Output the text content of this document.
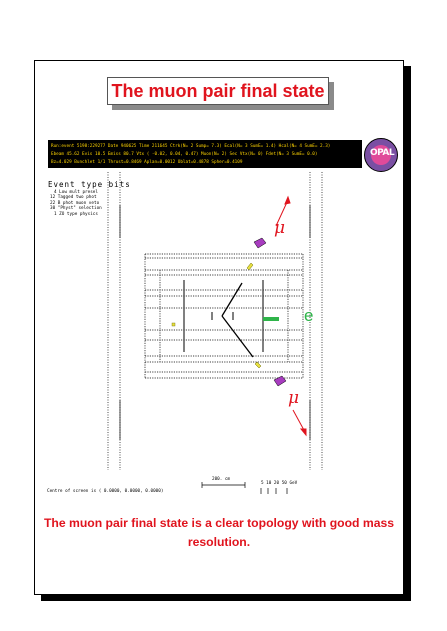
The muon pair final state
Run:event 5198:229277 Date 940625 Time 211645 Ctrk(N= 2 Sump= 7.3) Ecal(N= 3 SumE= 1.4) Hcal(N= 4 SumE= 2.3)
Ebeam 45.62 Evis 10.5 Emiss 80.7 Vtx ( -0.02, 0.04, 0.47) Muon(N= 2) Sec Vtx(N= 0) Fdet(N= 3 SumE= 0.0)
Bz=4.029 Bunchlet 1/1 Thrust=0.8469 Aplan=0.0012 Oblat=0.4878 Spher=0.4109
OPAL
Event type bits
4 Low mult presel
12 Tagged two phot
22 B phot muon veto
30 "Physt" selection
1 ZO type physics
μ
e
μ
Centre of screen is ( 0.0000, 0.0000, 0.0000)
200. cm
5 10 20 50 GeV
The muon pair final state is a clear topology with good mass resolution.
